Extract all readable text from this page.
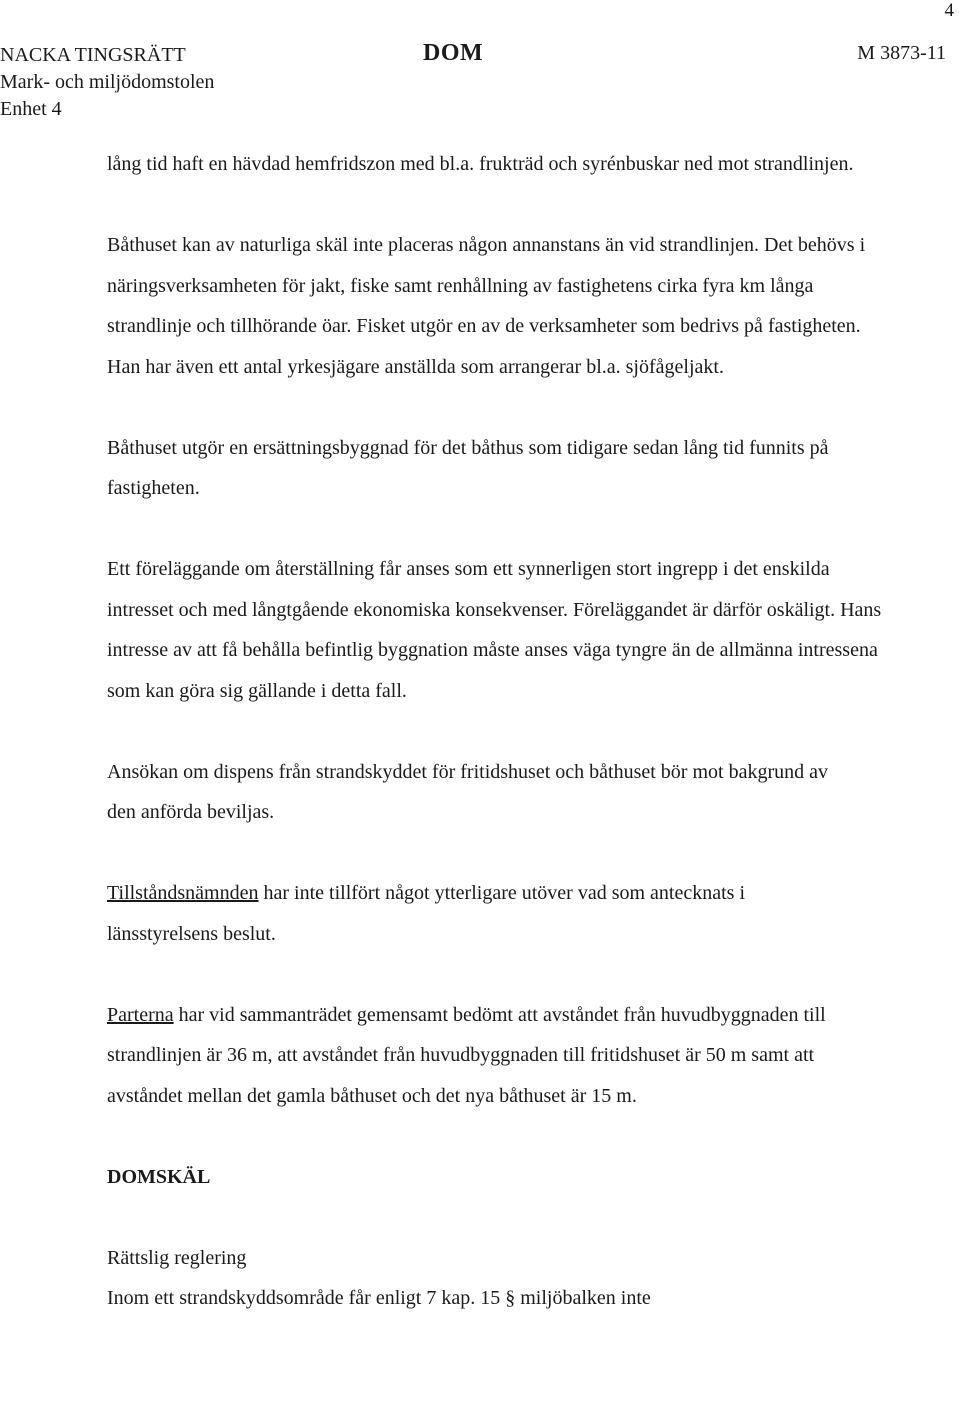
4
NACKA TINGSRÄTT
Mark- och miljödomstolen
Enhet 4
DOM	M 3873-11

lång tid haft en hävdad hemfridszon med bl.a. frukträd och syrénbuskar ned mot strandlinjen.

Båthuset kan av naturliga skäl inte placeras någon annanstans än vid strandlinjen. Det behövs i näringsverksamheten för jakt, fiske samt renhållning av fastighetens cirka fyra km långa strandlinje och tillhörande öar. Fisket utgör en av de verksamheter som bedrivs på fastigheten. Han har även ett antal yrkesjägare anställda som arrangerar bl.a. sjöfågeljakt.

Båthuset utgör en ersättningsbyggnad för det båthus som tidigare sedan lång tid funnits på fastigheten.

Ett föreläggande om återställning får anses som ett synnerligen stort ingrepp i det enskilda intresset och med långtgående ekonomiska konsekvenser. Föreläggandet är därför oskäligt. Hans intresse av att få behålla befintlig byggnation måste anses väga tyngre än de allmänna intressena som kan göra sig gällande i detta fall.

Ansökan om dispens från strandskyddet för fritidshuset och båthuset bör mot bakgrund av den anförda beviljas.

Tillståndsnämnden har inte tillfört något ytterligare utöver vad som antecknats i länsstyrelsens beslut.

Parterna har vid sammanträdet gemensamt bedömt att avståndet från huvudbyggnaden till strandlinjen är 36 m, att avståndet från huvudbyggnaden till fritidshuset är 50 m samt att avståndet mellan det gamla båthuset och det nya båthuset är 15 m.

DOMSKÄL

Rättslig reglering
Inom ett strandskyddsområde får enligt 7 kap. 15 § miljöbalken inte
